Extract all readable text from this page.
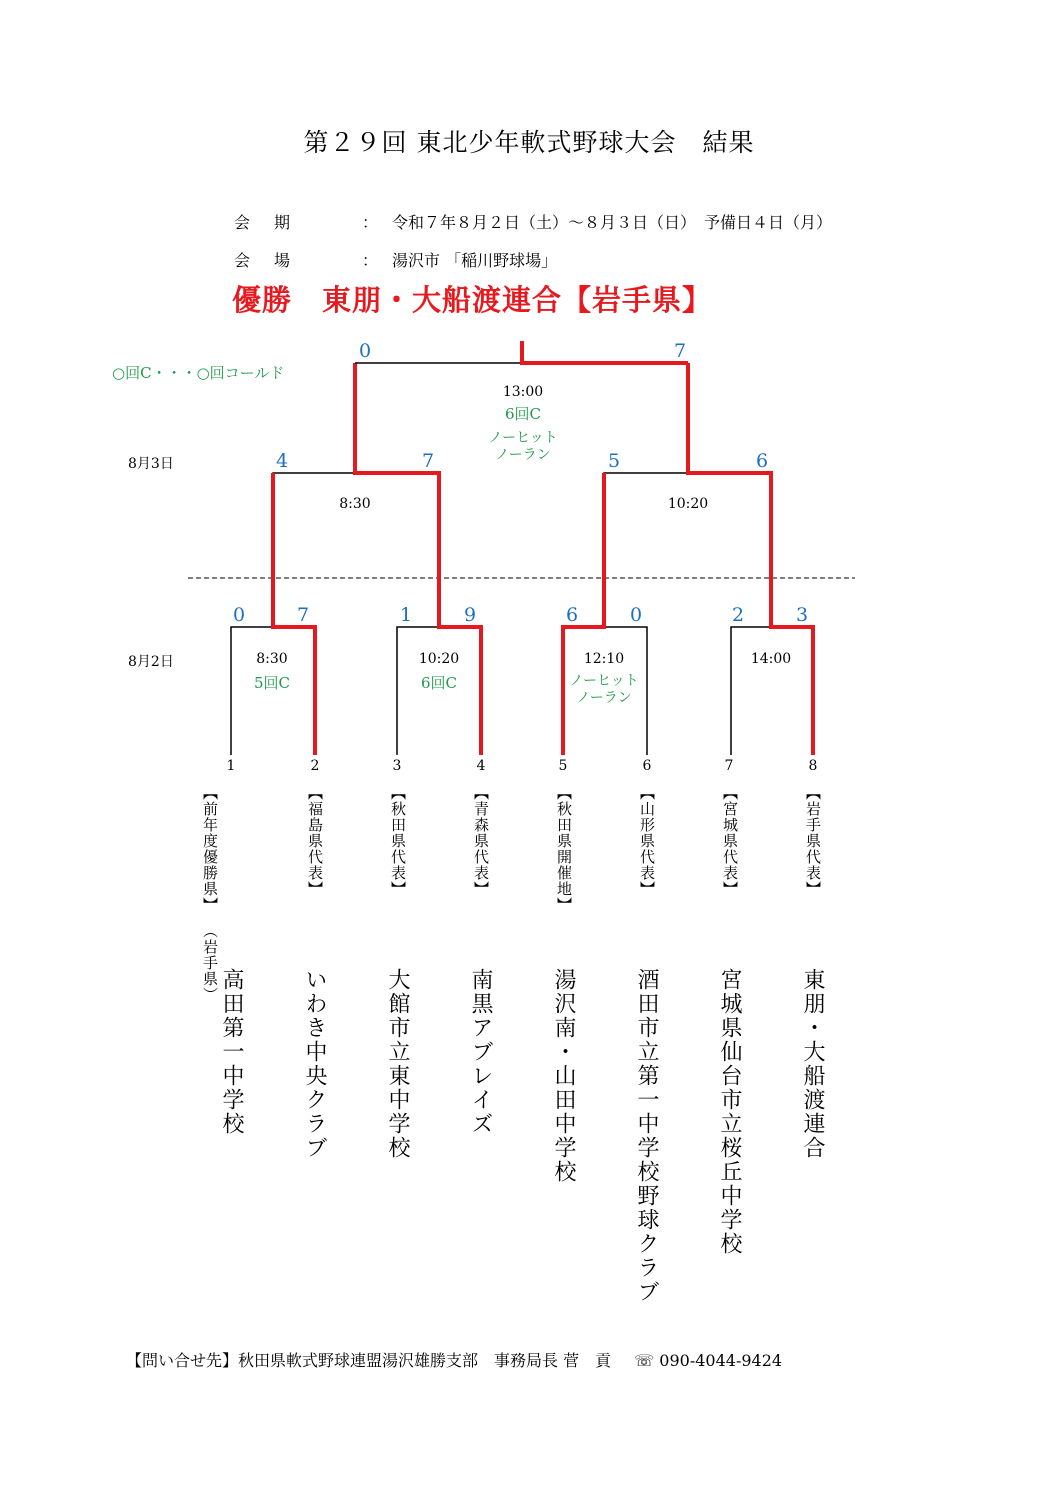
第２９回 東北少年軟式野球大会　結果
会期	： 令和７年８月２日（土）～８月３日（日）　予備日４日（月）
会場	： 湯沢市 「稲川野球場」
優勝　東朋・大船渡連合【岩手県】
○回C・・・○回コールド
8月3日
8月2日
0	7
13:00
6回C
ノーヒット
ノーラン
4	7
8:30
5	6
10:20
0	7
8:30
5回C
1	9
10:20
6回C
6	0
12:10
ノーヒット
ノーラン
2	3
14:00
1	2	3	4	5	6	7	8
【前年度優勝県】
（岩手県）
高田第一中学校
【福島県代表】
いわき中央クラブ
【秋田県代表】
大館市立東中学校
【青森県代表】
南黒アブレイズ
【秋田県開催地】
湯沢南・山田中学校
【山形県代表】
酒田市立第一中学校野球クラブ
【宮城県代表】
宮城県仙台市立桜丘中学校
【岩手県代表】
東朋・大船渡連合
【問い合せ先】秋田県軟式野球連盟湯沢雄勝支部　事務局長 菅　貢 ☏ 090-4044-9424
